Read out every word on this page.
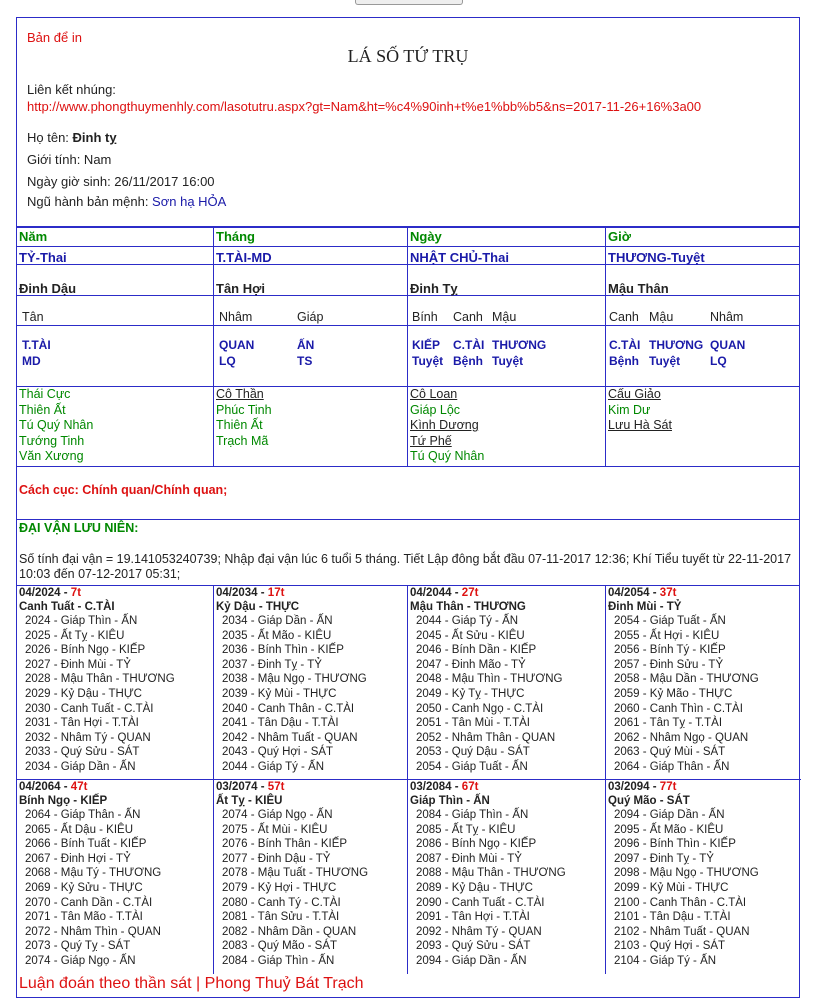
Bản để in
LÁ SỐ TỨ TRỤ
Liên kết nhúng:
http://www.phongthuymenhly.com/lasotutru.aspx?gt=Nam&ht=%c4%90inh+t%e1%bb%b5&ns=2017-11-26+16%3a00
Họ tên: Đinh tỵ
Giới tính: Nam
Ngày giờ sinh: 26/11/2017 16:00
Ngũ hành bản mệnh: Sơn hạ HỎA
Năm
TỶ-Thai
Đinh Dậu
Tân
T.TÀI
MD
Thái Cực
Thiên Ất
Tú Quý Nhân
Tướng Tinh
Văn Xương
Tháng
T.TÀI-MD
Tân Hợi
Nhâm	Giáp
QUAN
LQ
ẤN
TS
Cô Thần
Phúc Tinh
Thiên Ất
Trạch Mã
Ngày
NHẬT CHỦ-Thai
Đinh Tỵ
Bính Canh Mậu
KIẾP
Tuyệt
C.TÀI
Bệnh
THƯƠNG
Tuyệt
Cô Loan
Giáp Lộc
Kình Dương
Tứ Phế
Tú Quý Nhân
Giờ
THƯƠNG-Tuyệt
Mậu Thân
Canh Mậu	Nhâm
C.TÀI
Bệnh
THƯƠNG
Tuyệt
QUAN
LQ
Cấu Giảo
Kim Dư
Lưu Hà Sát
Cách cục: Chính quan/Chính quan;
ĐẠI VẬN LƯU NIÊN:
Số tính đại vận = 19.141053240739; Nhập đại vận lúc 6 tuổi 5 tháng. Tiết Lập đông bắt đầu 07-11-2017 12:36; Khí Tiểu tuyết từ 22-11-2017 10:03 đến 07-12-2017 05:31;
04/2024 - 7t
Canh Tuất - C.TÀI
2024 - Giáp Thìn - ẤN
2025 - Ất Tỵ - KIÊU
2026 - Bính Ngọ - KIẾP
2027 - Đinh Mùi - TỶ
2028 - Mậu Thân - THƯƠNG
2029 - Kỷ Dậu - THỰC
2030 - Canh Tuất - C.TÀI
2031 - Tân Hợi - T.TÀI
2032 - Nhâm Tý - QUAN
2033 - Quý Sửu - SÁT
2034 - Giáp Dần - ẤN
04/2034 - 17t
Kỷ Dậu - THỰC
2034 - Giáp Dần - ẤN
2035 - Ất Mão - KIÊU
2036 - Bính Thìn - KIẾP
2037 - Đinh Tỵ - TỶ
2038 - Mậu Ngọ - THƯƠNG
2039 - Kỷ Mùi - THỰC
2040 - Canh Thân - C.TÀI
2041 - Tân Dậu - T.TÀI
2042 - Nhâm Tuất - QUAN
2043 - Quý Hợi - SÁT
2044 - Giáp Tý - ẤN
04/2044 - 27t
Mậu Thân - THƯƠNG
2044 - Giáp Tý - ẤN
2045 - Ất Sửu - KIÊU
2046 - Bính Dần - KIẾP
2047 - Đinh Mão - TỶ
2048 - Mậu Thìn - THƯƠNG
2049 - Kỷ Tỵ - THỰC
2050 - Canh Ngọ - C.TÀI
2051 - Tân Mùi - T.TÀI
2052 - Nhâm Thân - QUAN
2053 - Quý Dậu - SÁT
2054 - Giáp Tuất - ẤN
04/2054 - 37t
Đinh Mùi - TỶ
2054 - Giáp Tuất - ẤN
2055 - Ất Hợi - KIÊU
2056 - Bính Tý - KIẾP
2057 - Đinh Sửu - TỶ
2058 - Mậu Dần - THƯƠNG
2059 - Kỷ Mão - THỰC
2060 - Canh Thìn - C.TÀI
2061 - Tân Tỵ - T.TÀI
2062 - Nhâm Ngọ - QUAN
2063 - Quý Mùi - SÁT
2064 - Giáp Thân - ẤN
04/2064 - 47t
Bính Ngọ - KIẾP
2064 - Giáp Thân - ẤN
2065 - Ất Dậu - KIÊU
2066 - Bính Tuất - KIẾP
2067 - Đinh Hợi - TỶ
2068 - Mậu Tý - THƯƠNG
2069 - Kỷ Sửu - THỰC
2070 - Canh Dần - C.TÀI
2071 - Tân Mão - T.TÀI
2072 - Nhâm Thìn - QUAN
2073 - Quý Tỵ - SÁT
2074 - Giáp Ngọ - ẤN
03/2074 - 57t
Ất Tỵ - KIÊU
2074 - Giáp Ngọ - ẤN
2075 - Ất Mùi - KIÊU
2076 - Bính Thân - KIẾP
2077 - Đinh Dậu - TỶ
2078 - Mậu Tuất - THƯƠNG
2079 - Kỷ Hợi - THỰC
2080 - Canh Tý - C.TÀI
2081 - Tân Sửu - T.TÀI
2082 - Nhâm Dần - QUAN
2083 - Quý Mão - SÁT
2084 - Giáp Thìn - ẤN
03/2084 - 67t
Giáp Thìn - ẤN
2084 - Giáp Thìn - ẤN
2085 - Ất Tỵ - KIÊU
2086 - Bính Ngọ - KIẾP
2087 - Đinh Mùi - TỶ
2088 - Mậu Thân - THƯƠNG
2089 - Kỷ Dậu - THỰC
2090 - Canh Tuất - C.TÀI
2091 - Tân Hợi - T.TÀI
2092 - Nhâm Tý - QUAN
2093 - Quý Sửu - SÁT
2094 - Giáp Dần - ẤN
03/2094 - 77t
Quý Mão - SÁT
2094 - Giáp Dần - ẤN
2095 - Ất Mão - KIÊU
2096 - Bính Thìn - KIẾP
2097 - Đinh Tỵ - TỶ
2098 - Mậu Ngọ - THƯƠNG
2099 - Kỷ Mùi - THỰC
2100 - Canh Thân - C.TÀI
2101 - Tân Dậu - T.TÀI
2102 - Nhâm Tuất - QUAN
2103 - Quý Hợi - SÁT
2104 - Giáp Tý - ẤN
Luận đoán theo thần sát | Phong Thuỷ Bát Trạch
